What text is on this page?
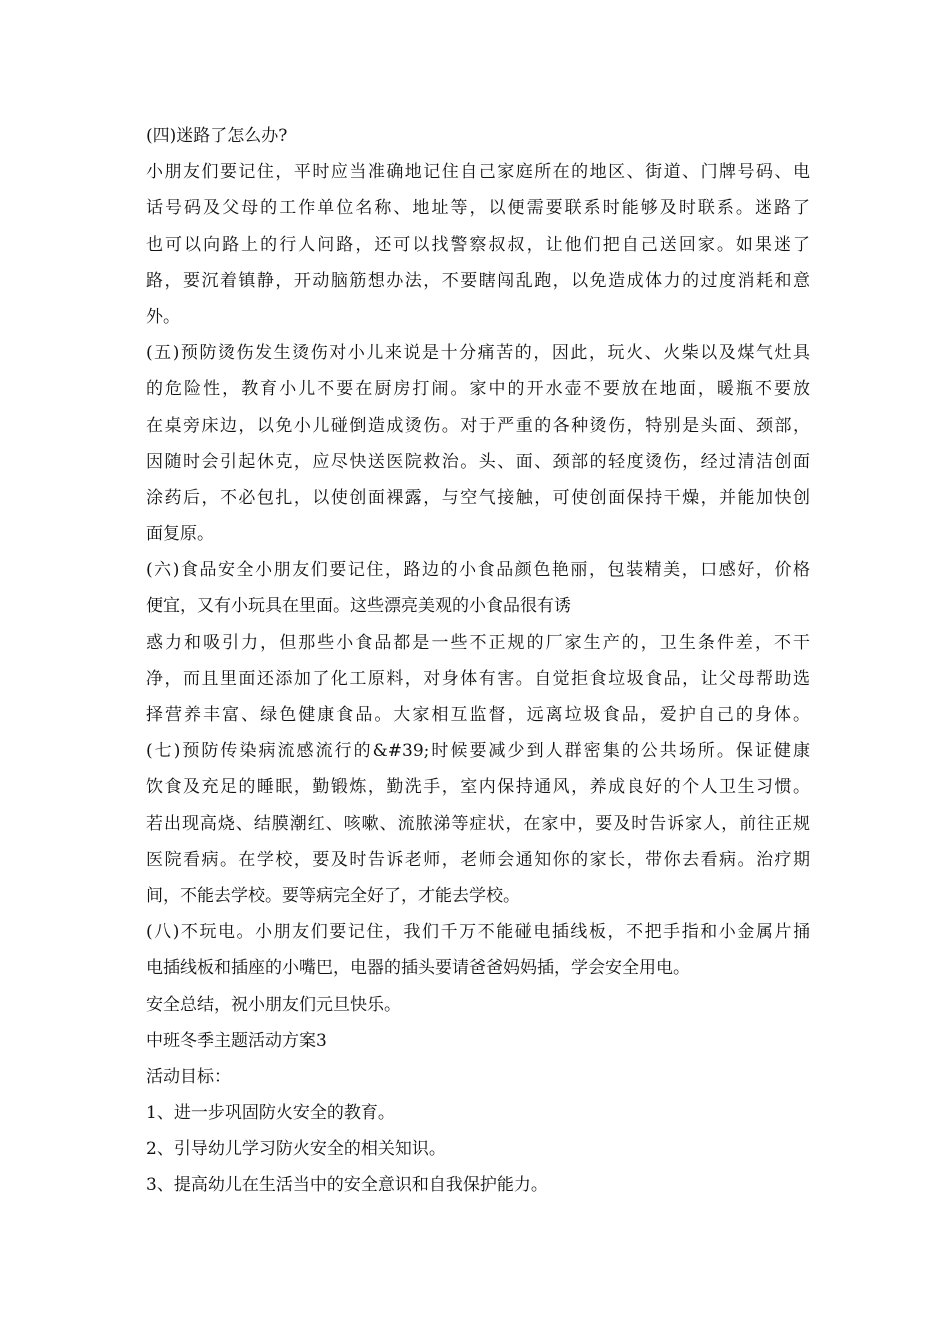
(四)迷路了怎么办?
小朋友们要记住，平时应当准确地记住自己家庭所在的地区、街道、门牌号码、电
话号码及父母的工作单位名称、地址等，以便需要联系时能够及时联系。迷路了
也可以向路上的行人问路，还可以找警察叔叔，让他们把自己送回家。如果迷了
路，要沉着镇静，开动脑筋想办法，不要瞎闯乱跑，以免造成体力的过度消耗和意
外。
(五)预防烫伤发生烫伤对小儿来说是十分痛苦的，因此，玩火、火柴以及煤气灶具
的危险性，教育小儿不要在厨房打闹。家中的开水壶不要放在地面，暖瓶不要放
在桌旁床边，以免小儿碰倒造成烫伤。对于严重的各种烫伤，特别是头面、颈部，
因随时会引起休克，应尽快送医院救治。头、面、颈部的轻度烫伤，经过清洁创面
涂药后，不必包扎，以使创面裸露，与空气接触，可使创面保持干燥，并能加快创
面复原。
(六)食品安全小朋友们要记住，路边的小食品颜色艳丽，包装精美，口感好，价格
便宜，又有小玩具在里面。这些漂亮美观的小食品很有诱
惑力和吸引力，但那些小食品都是一些不正规的厂家生产的，卫生条件差，不干
净，而且里面还添加了化工原料，对身体有害。自觉拒食垃圾食品，让父母帮助选
择营养丰富、绿色健康食品。大家相互监督，远离垃圾食品，爱护自己的身体。
(七)预防传染病流感流行的&#39;时候要减少到人群密集的公共场所。保证健康
饮食及充足的睡眠，勤锻炼，勤洗手，室内保持通风，养成良好的个人卫生习惯。
若出现高烧、结膜潮红、咳嗽、流脓涕等症状，在家中，要及时告诉家人，前往正规
医院看病。在学校，要及时告诉老师，老师会通知你的家长，带你去看病。治疗期
间，不能去学校。要等病完全好了，才能去学校。
(八)不玩电。小朋友们要记住，我们千万不能碰电插线板，不把手指和小金属片捅
电插线板和插座的小嘴巴，电器的插头要请爸爸妈妈插，学会安全用电。
安全总结，祝小朋友们元旦快乐。
中班冬季主题活动方案3
活动目标：
1、进一步巩固防火安全的教育。
2、引导幼儿学习防火安全的相关知识。
3、提高幼儿在生活当中的安全意识和自我保护能力。
